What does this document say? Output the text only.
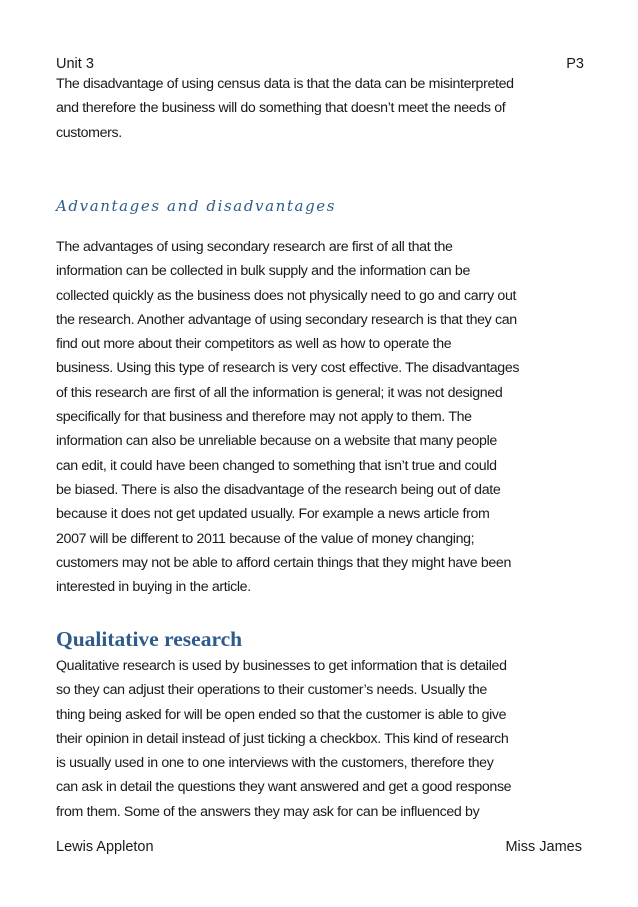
Unit 3	P3
The disadvantage of using census data is that the data can be misinterpreted
and therefore the business will do something that doesn’t meet the needs of
customers.
Advantages and disadvantages
The advantages of using secondary research are first of all that the
information can be collected in bulk supply and the information can be
collected quickly as the business does not physically need to go and carry out
the research. Another advantage of using secondary research is that they can
find out more about their competitors as well as how to operate the
business. Using this type of research is very cost effective. The disadvantages
of this research are first of all the information is general; it was not designed
specifically for that business and therefore may not apply to them. The
information can also be unreliable because on a website that many people
can edit, it could have been changed to something that isn’t true and could
be biased. There is also the disadvantage of the research being out of date
because it does not get updated usually. For example a news article from
2007 will be different to 2011 because of the value of money changing;
customers may not be able to afford certain things that they might have been
interested in buying in the article.
Qualitative research
Qualitative research is used by businesses to get information that is detailed
so they can adjust their operations to their customer’s needs. Usually the
thing being asked for will be open ended so that the customer is able to give
their opinion in detail instead of just ticking a checkbox. This kind of research
is usually used in one to one interviews with the customers, therefore they
can ask in detail the questions they want answered and get a good response
from them. Some of the answers they may ask for can be influenced by
Lewis Appleton	Miss James
